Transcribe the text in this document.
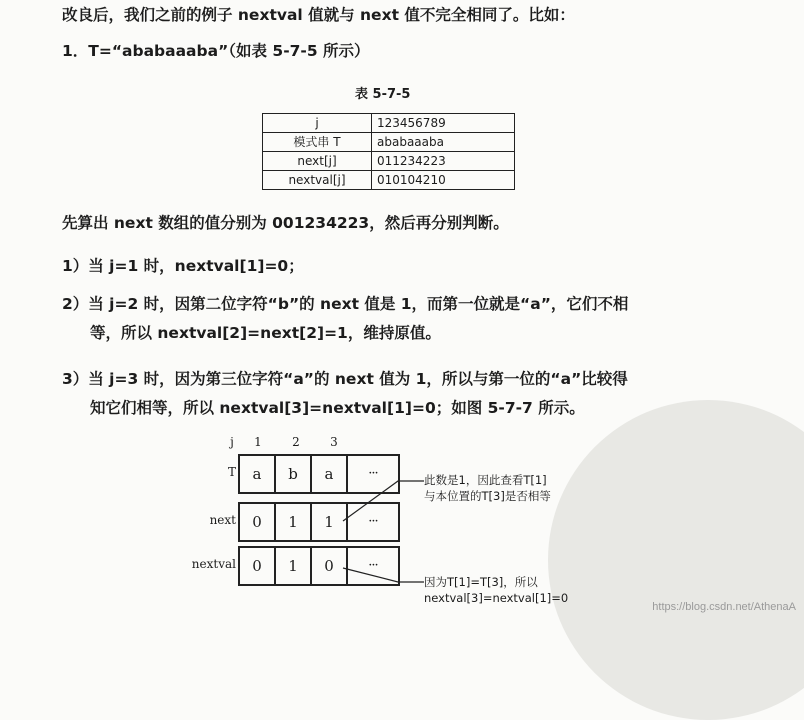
改良后，我们之前的例子 nextval 值就与 next 值不完全相同了。比如：
1．T=“ababaaaba”（如表 5-7-5 所示）
表 5-7-5
j	123456789
模式串 T	ababaaaba
next[j]	011234223
nextval[j]	010104210
先算出 next 数组的值分别为 001234223，然后再分别判断。
1）当 j=1 时，nextval[1]=0；
2）当 j=2 时，因第二位字符“b”的 next 值是 1，而第一位就是“a”，它们不相
等，所以 nextval[2]=next[2]=1，维持原值。
3）当 j=3 时，因为第三位字符“a”的 next 值为 1，所以与第一位的“a”比较得
知它们相等，所以 nextval[3]=nextval[1]=0；如图 5-7-7 所示。
j	1	2	3
T	a	b	a	···
next	0	1	1	···
nextval	0	1	0	···
此数是1，因此查看T[1]
与本位置的T[3]是否相等
因为T[1]=T[3]，所以
nextval[3]=nextval[1]=0
https://blog.csdn.net/AthenaA
